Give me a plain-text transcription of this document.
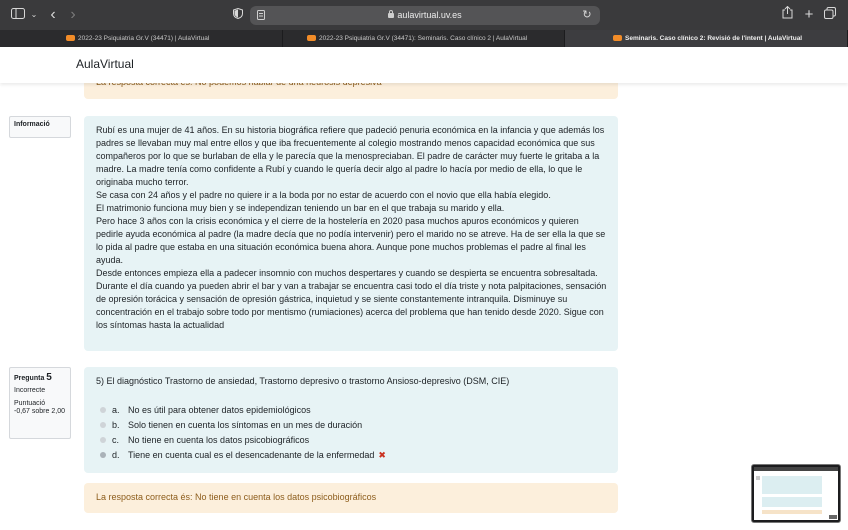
⌄ ‹ ›	aulavirtual.uv.es	↻	+
2022-23 Psiquiatria Gr.V (34471) | AulaVirtual	2022-23 Psiquiatria Gr.V (34471): Seminaris. Caso clínico 2 | AulaVirtual	Seminaris. Caso clínico 2: Revisió de l'intent | AulaVirtual
AulaVirtual
Informació

Rubí es una mujer de 41 años. En su historia biográfica refiere que padeció penuria económica en la infancia y que además los padres se llevaban muy mal entre ellos y que iba frecuentemente al colegio mostrando menos capacidad económica que sus compañeros por lo que se burlaban de ella y le parecía que la menospreciaban. El padre de carácter muy fuerte le gritaba a la madre. La madre tenía como confidente a Rubí y cuando le quería decir algo al padre lo hacía por medio de ella, lo que le originaba mucho terror.

Se casa con 24 años y el padre no quiere ir a la boda por no estar de acuerdo con el novio que ella había elegido.

El matrimonio funciona muy bien y se independizan teniendo un bar en el que trabaja su marido y ella.

Pero hace 3 años con la crisis económica y el cierre de la hostelería en 2020 pasa muchos apuros económicos y quieren pedirle ayuda económica al padre (la madre decía que no podía intervenir) pero el marido no se atreve. Ha de ser ella la que se lo pida al padre que estaba en una situación económica buena ahora. Aunque pone muchos problemas el padre al final les ayuda.

Desde entonces empieza ella a padecer insomnio con muchos despertares y cuando se despierta se encuentra sobresaltada. Durante el día cuando ya pueden abrir el bar y van a trabajar se encuentra casi todo el día triste y nota palpitaciones, sensación de opresión torácica y sensación de opresión gástrica, inquietud y se siente constantemente intranquila. Disminuye su concentración en el trabajo sobre todo por mentismo (rumiaciones) acerca del problema que han tenido desde 2020. Sigue con los síntomas hasta la actualidad

Pregunta 5
Incorrecte
Puntuació
-0,67 sobre 2,00
5) El diagnóstico Trastorno de ansiedad, Trastorno depresivo o trastorno Ansioso-depresivo (DSM, CIE)
a. No es útil para obtener datos epidemiológicos
b. Solo tienen en cuenta los síntomas en un mes de duración
c. No tiene en cuenta los datos psicobiográficos
d. Tiene en cuenta cual es el desencadenante de la enfermedad ✖
La resposta correcta és: No tiene en cuenta los datos psicobiográficos
